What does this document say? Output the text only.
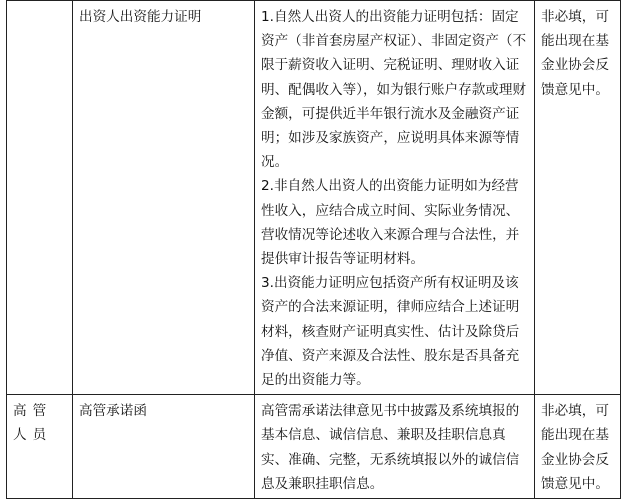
	出资人出资能力证明	1.自然人出资人的出资能力证明包括：固定资产（非首套房屋产权证）、非固定资产（不限于薪资收入证明、完税证明、理财收入证明、配偶收入等），如为银行账户存款或理财金额，可提供近半年银行流水及金融资产证明；如涉及家族资产，应说明具体来源等情况。

2.非自然人出资人的出资能力证明如为经营性收入，应结合成立时间、实际业务情况、营收情况等论述收入来源合理与合法性，并提供审计报告等证明材料。

3.出资能力证明应包括资产所有权证明及该资产的合法来源证明，律师应结合上述证明材料，核查财产证明真实性、估计及除贷后净值、资产来源及合法性、股东是否具备充足的出资能力等。	非必填，可能出现在基金业协会反馈意见中。
高管人员	高管承诺函	高管需承诺法律意见书中披露及系统填报的基本信息、诚信信息、兼职及挂职信息真实、准确、完整，无系统填报以外的诚信信息及兼职挂职信息。	非必填，可能出现在基金业协会反馈意见中。
